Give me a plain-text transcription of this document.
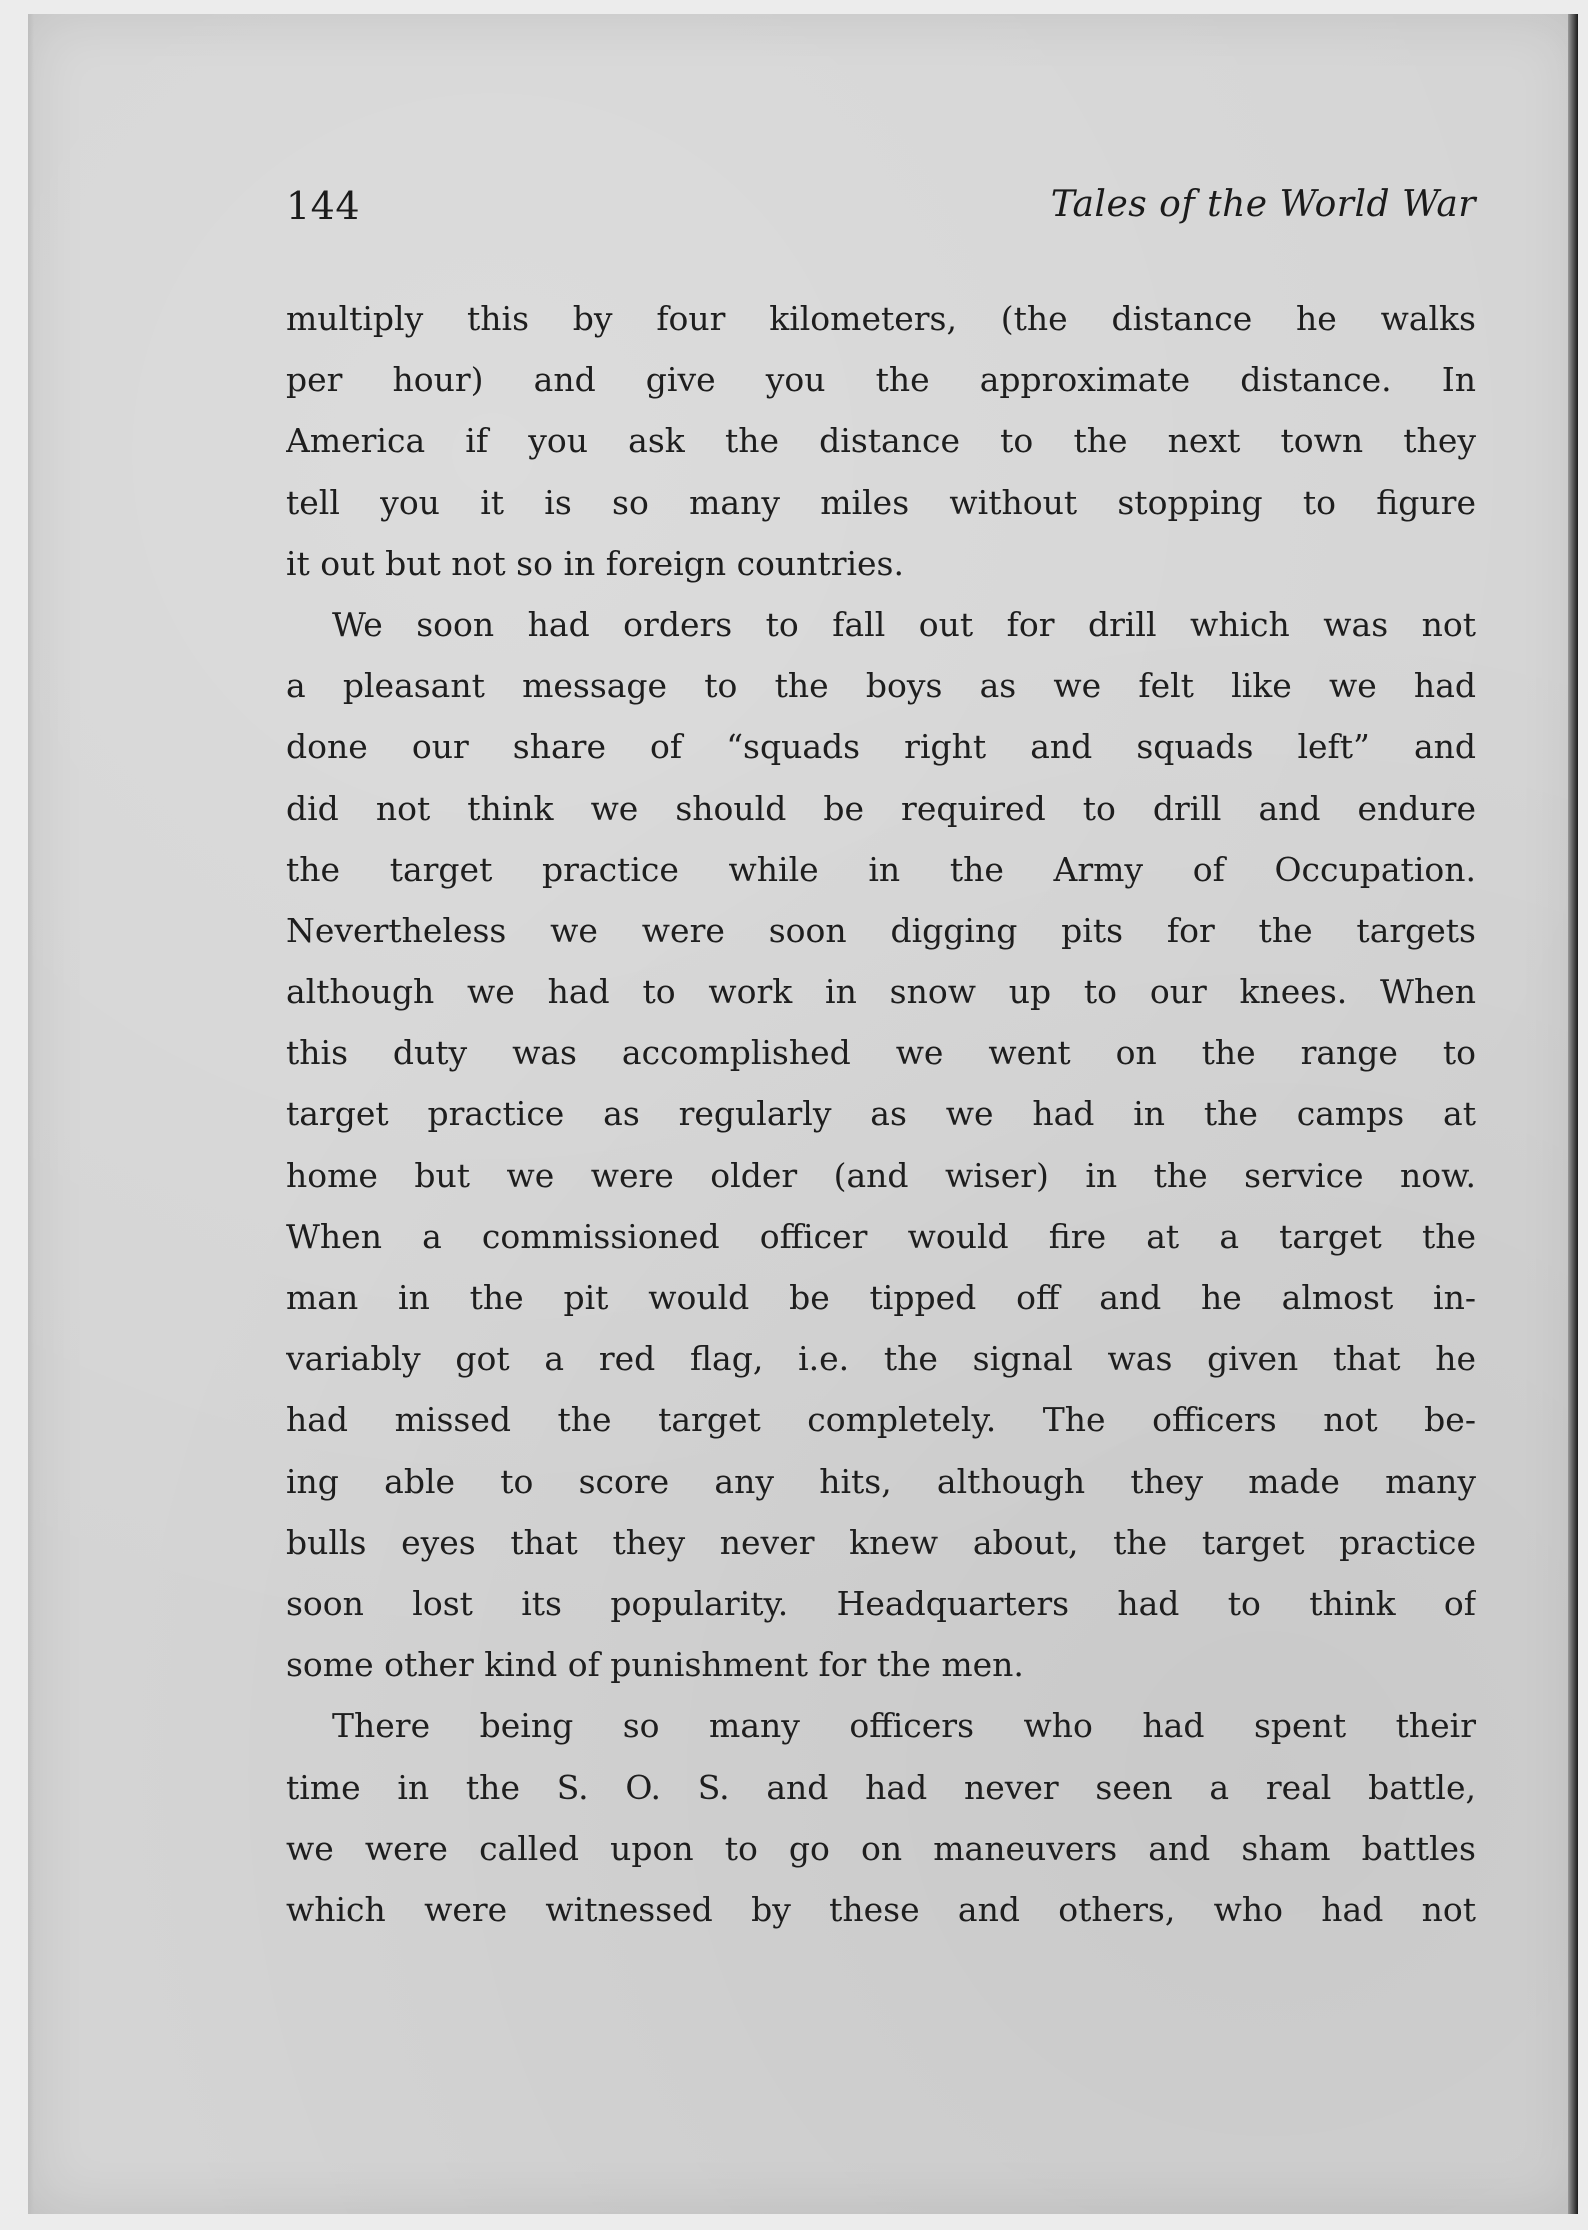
144	Tales of the World War
multiply this by four kilometers, (the distance he walks
per hour) and give you the approximate distance. In
America if you ask the distance to the next town they
tell you it is so many miles without stopping to figure
it out but not so in foreign countries.
We soon had orders to fall out for drill which was not
a pleasant message to the boys as we felt like we had
done our share of “squads right and squads left” and
did not think we should be required to drill and endure
the target practice while in the Army of Occupation.
Nevertheless we were soon digging pits for the targets
although we had to work in snow up to our knees. When
this duty was accomplished we went on the range to
target practice as regularly as we had in the camps at
home but we were older (and wiser) in the service now.
When a commissioned officer would fire at a target the
man in the pit would be tipped off and he almost in-
variably got a red flag, i.e. the signal was given that he
had missed the target completely. The officers not be-
ing able to score any hits, although they made many
bulls eyes that they never knew about, the target practice
soon lost its popularity. Headquarters had to think of
some other kind of punishment for the men.
There being so many officers who had spent their
time in the S. O. S. and had never seen a real battle,
we were called upon to go on maneuvers and sham battles
which were witnessed by these and others, who had not
